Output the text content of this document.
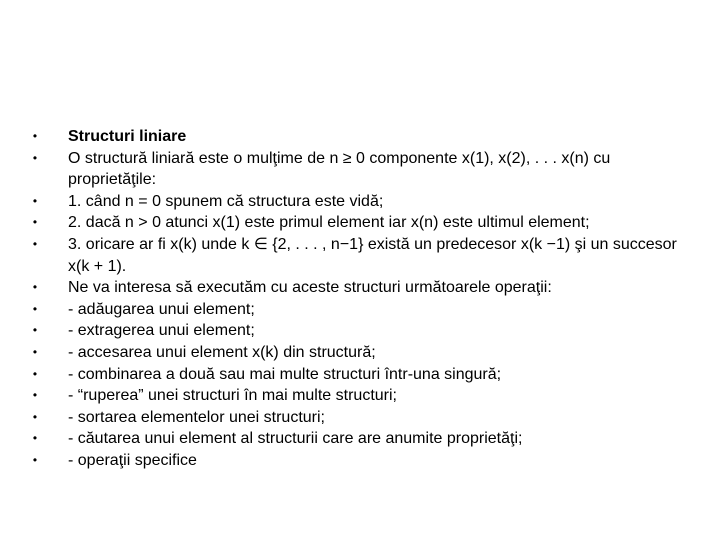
•	Structuri liniare
•	O structură liniară este o mulţime de n ≥ 0 componente x(1), x(2), . . . x(n) cu proprietăţile:
•	1. când n = 0 spunem că structura este vidă;
•	2. dacă n > 0 atunci x(1) este primul element iar x(n) este ultimul element;
•	3. oricare ar fi x(k) unde k ∈ {2, . . . , n−1} există un predecesor x(k −1) şi un succesor x(k + 1).
•	Ne va interesa să executăm cu aceste structuri următoarele operaţii:
•	- adăugarea unui element;
•	- extragerea unui element;
•	- accesarea unui element x(k) din structură;
•	- combinarea a două sau mai multe structuri într-una singură;
•	- “ruperea” unei structuri în mai multe structuri;
•	- sortarea elementelor unei structuri;
•	- căutarea unui element al structurii care are anumite proprietăţi;
•	- operaţii specifice
